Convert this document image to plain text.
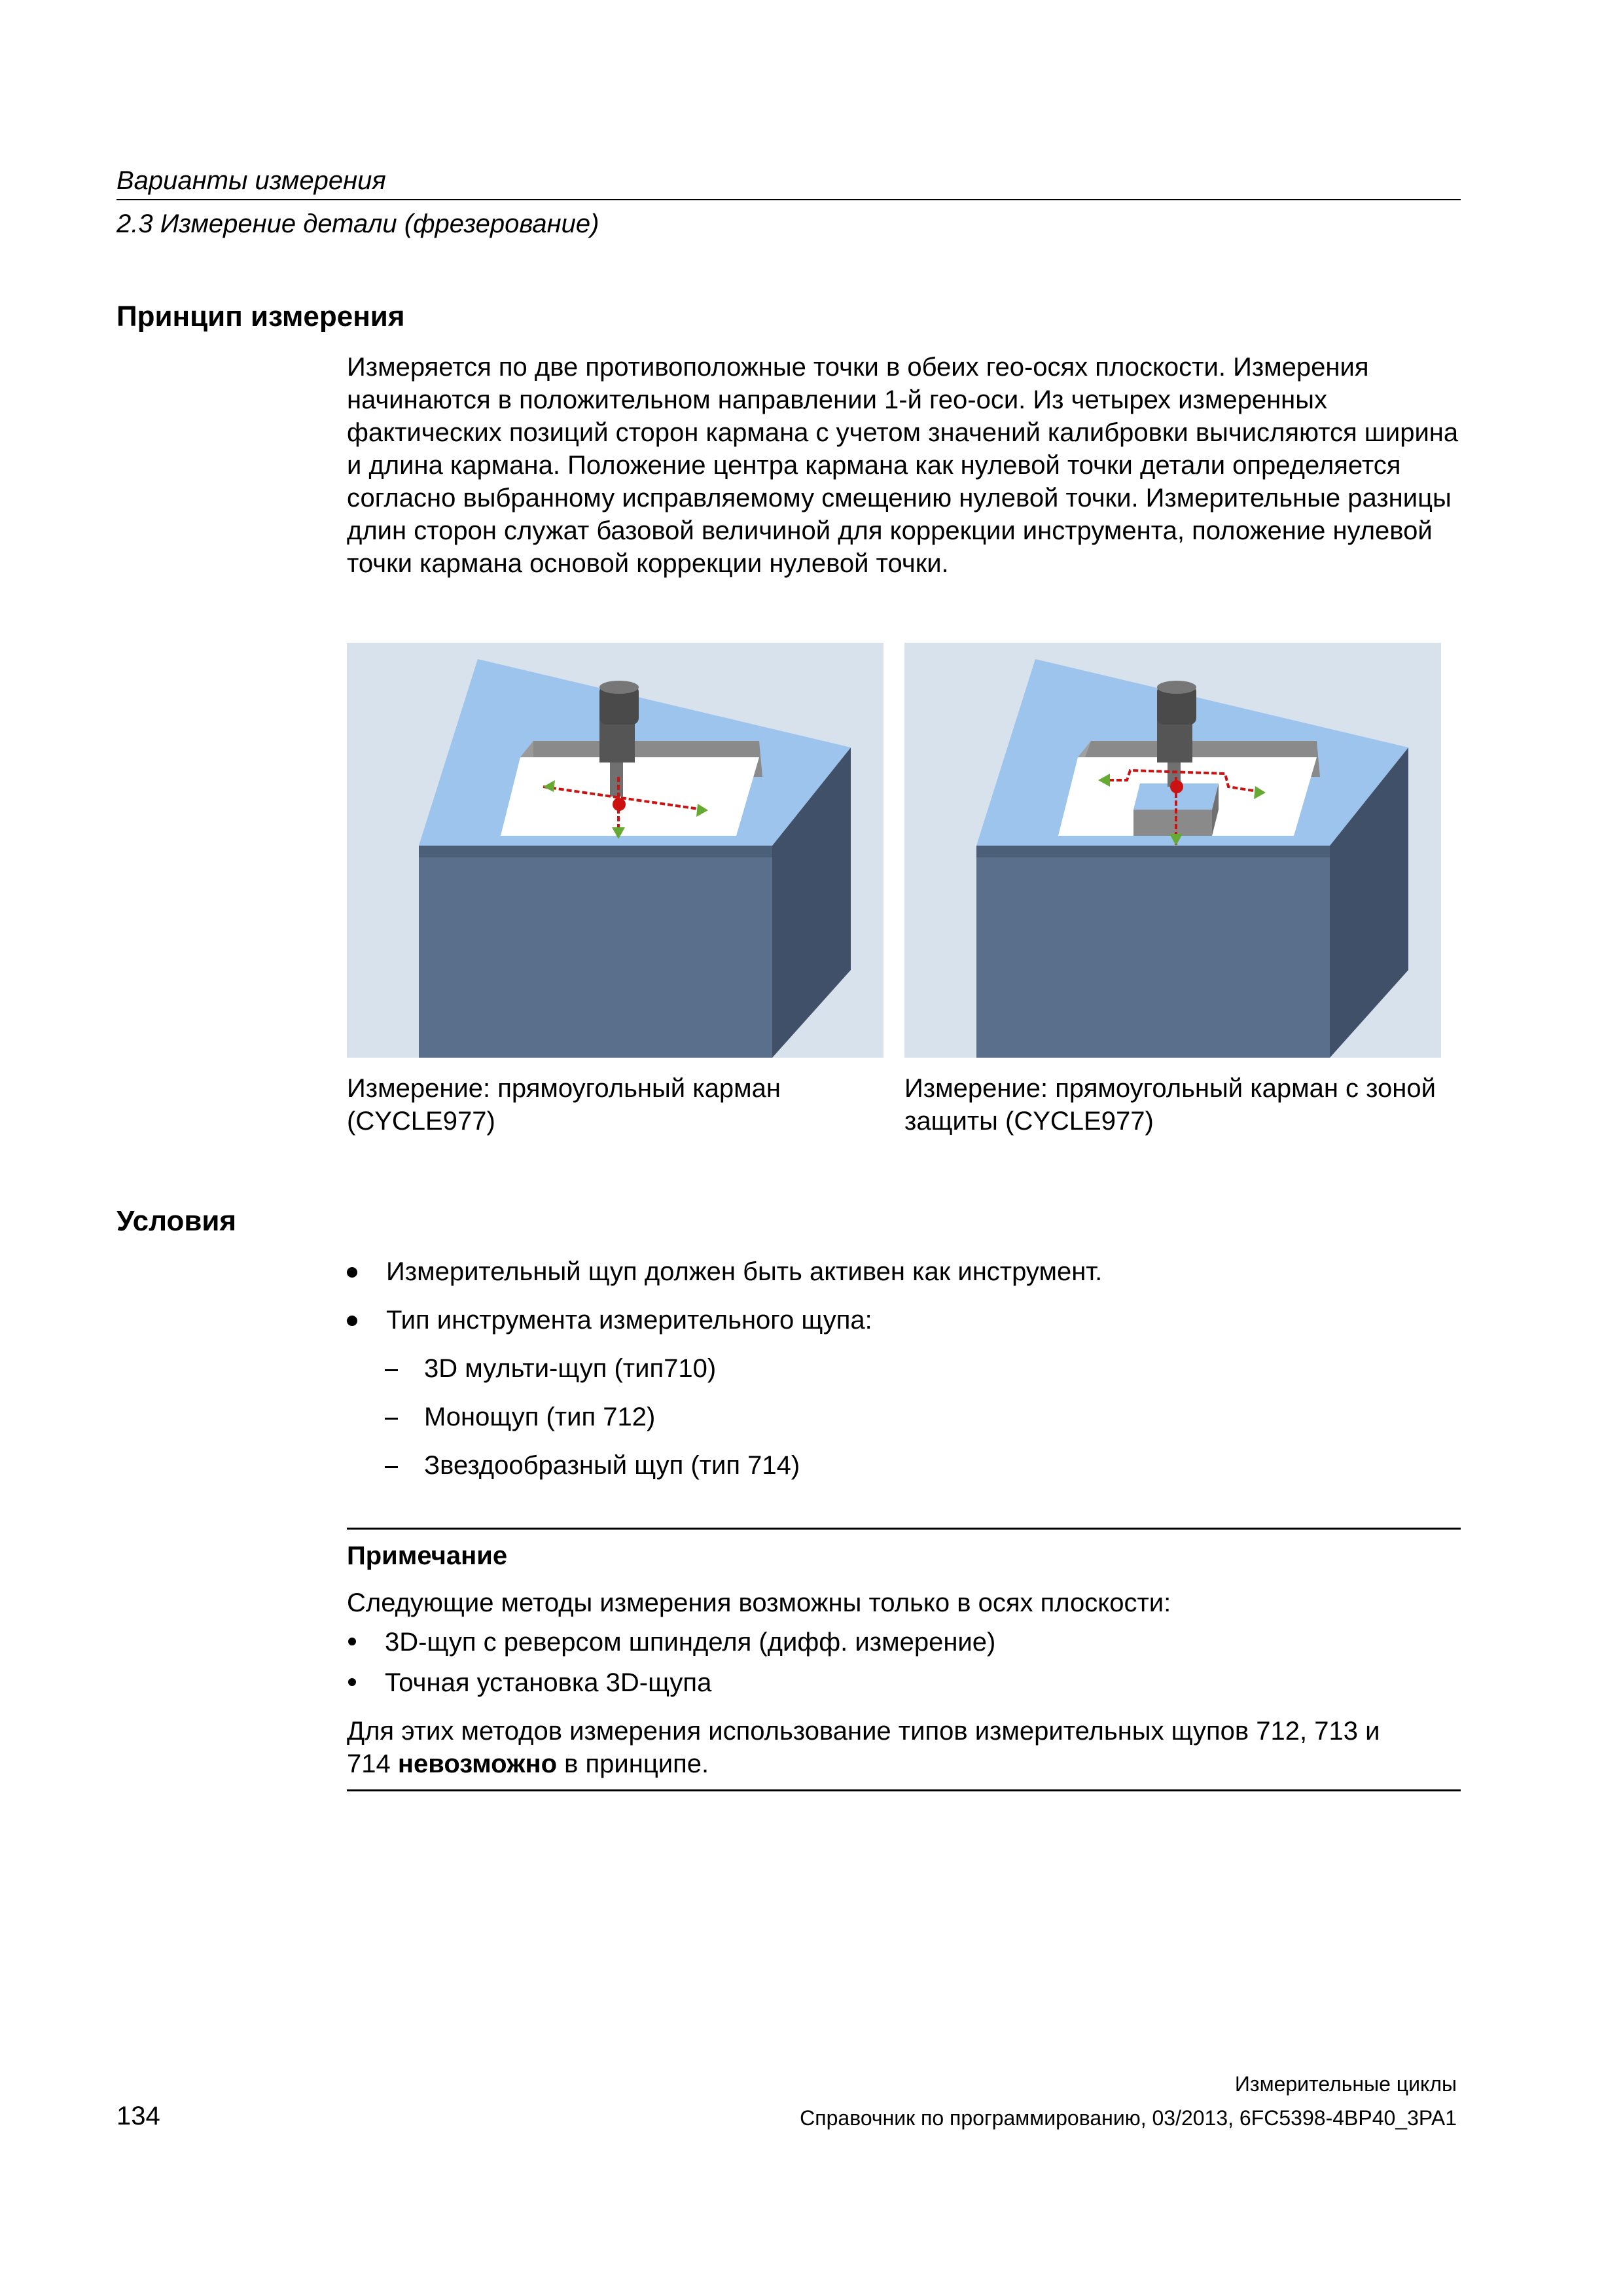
Варианты измерения
2.3 Измерение детали (фрезерование)
Принцип измерения
Измеряется по две противоположные точки в обеих гео-осях плоскости. Измерения начинаются в положительном направлении 1-й гео-оси. Из четырех измеренных фактических позиций сторон кармана с учетом значений калибровки вычисляются ширина и длина кармана. Положение центра кармана как нулевой точки детали определяется согласно выбранному исправляемому смещению нулевой точки. Измерительные разницы длин сторон служат базовой величиной для коррекции инструмента, положение нулевой точки кармана основой коррекции нулевой точки.
Измерение: прямоугольный карман
(CYCLE977)
Измерение: прямоугольный карман с зоной
защиты (CYCLE977)
Условия
Измерительный щуп должен быть активен как инструмент.
Тип инструмента измерительного щупа:
3D мульти-щуп (тип710)
Монощуп (тип 712)
Звездообразный щуп (тип 714)
Примечание
Следующие методы измерения возможны только в осях плоскости:
3D-щуп с реверсом шпинделя (дифф. измерение)
Точная установка 3D-щупа
Для этих методов измерения использование типов измерительных щупов 712, 713 и
714 невозможно в принципе.
Измерительные циклы
134	Справочник по программированию, 03/2013, 6FC5398-4BP40_3PA1
